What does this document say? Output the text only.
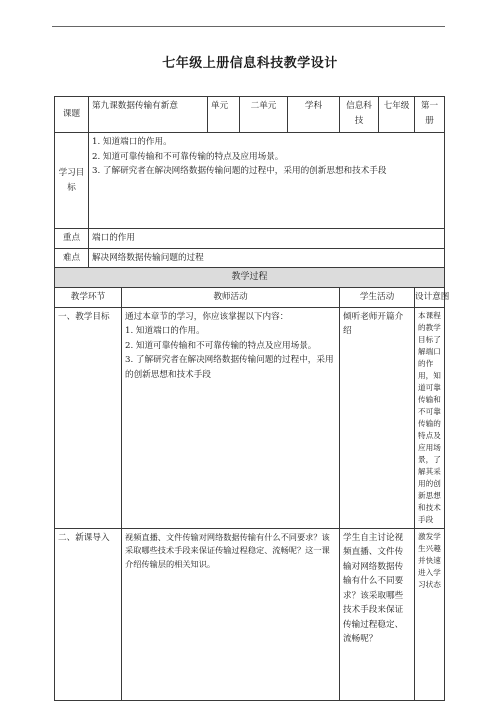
七年级上册信息科技教学设计
课题	第九课数据传输有新意		单元	二单元	学科	信息科技	七年级	第一册
学习目标	1. 知道端口的作用。

2. 知道可靠传输和不可靠传输的特点及应用场景。

3. 了解研究者在解决网络数据传输问题的过程中，采用的创新思想和技术手段							

重点	端口的作用							
难点	解决网络数据传输问题的过程							
教学过程								
教学环节		教师活动				学生活动		设计意图
一、教学目标		通过本章节的学习，你应该掌握以下内容：

1. 知道端口的作用。

2. 知道可靠传输和不可靠传输的特点及应用场景。

3. 了解研究者在解决网络数据传输问题的过程中，采用的创新思想和技术手段				倾听老师开篇介绍		本课程的教学目标了解端口的作用，知道可靠传输和不可靠传输的特点及应用场景，了解其采用的创新思想和技术手段
二、新课导入		视频直播、文件传输对网络数据传输有什么不同要求？该采取哪些技术手段来保证传输过程稳定、流畅呢？这一课介绍传输层的相关知识。				学生自主讨论视频直播、文件传输对网络数据传输有什么不同要求？该采取哪些技术手段来保证传输过程稳定、流畅呢？		激发学生兴趣并快速进入学习状态
